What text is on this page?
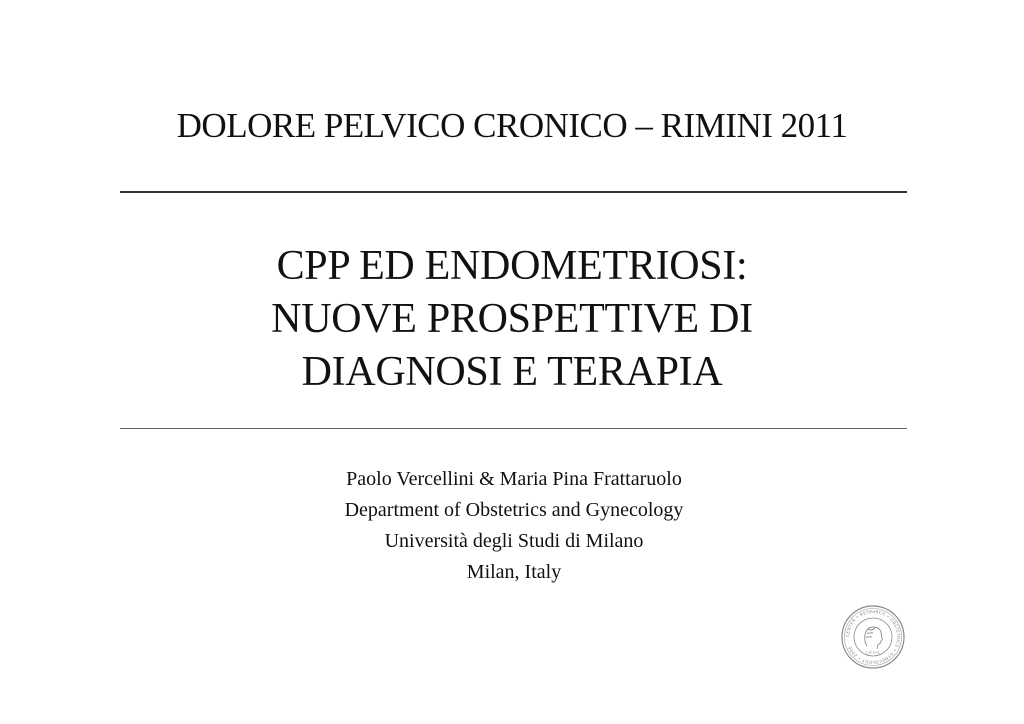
DOLORE PELVICO CRONICO – RIMINI 2011
CPP ED ENDOMETRIOSI:
NUOVE PROSPETTIVE DI
DIAGNOSI E TERAPIA
Paolo Vercellini & Maria Pina Frattaruolo
Department of Obstetrics and Gynecology
Università degli Studi di Milano
Milan, Italy
CENTER • RESEARCH • OBSTETRICS • GYNECOLOGY • 2006
C.R.O.G.
